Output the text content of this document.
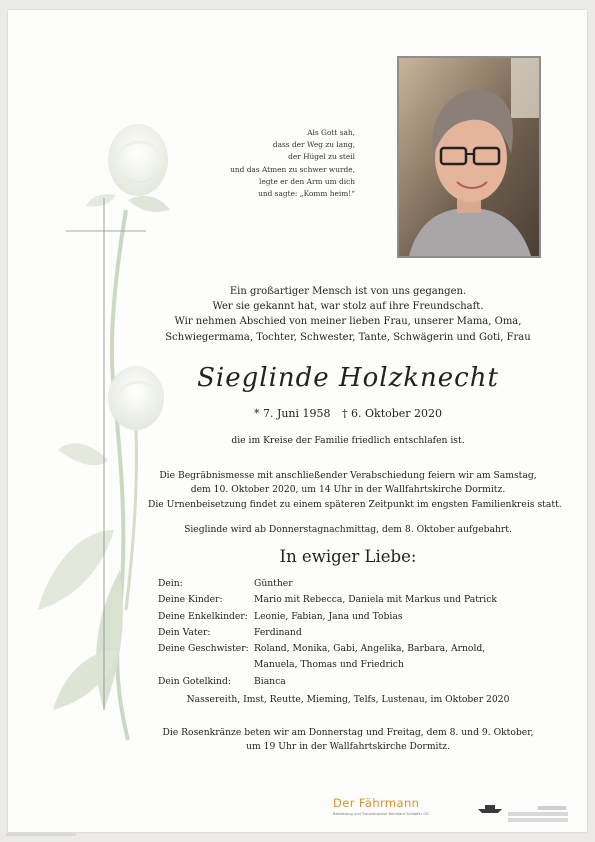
Als Gott sah,
dass der Weg zu lang,
der Hügel zu steil
und das Atmen zu schwer wurde,
legte er den Arm um dich
und sagte: „Komm heim!“
Ein großartiger Mensch ist von uns gegangen.
Wer sie gekannt hat, war stolz auf ihre Freundschaft.
Wir nehmen Abschied von meiner lieben Frau, unserer Mama, Oma,
Schwiegermama, Tochter, Schwester, Tante, Schwägerin und Goti, Frau
Sieglinde Holzknecht
* 7. Juni 1958 † 6. Oktober 2020
die im Kreise der Familie friedlich entschlafen ist.
Die Begräbnismesse mit anschließender Verabschiedung feiern wir am Samstag,
dem 10. Oktober 2020, um 14 Uhr in der Wallfahrtskirche Dormitz.
Die Urnenbeisetzung findet zu einem späteren Zeitpunkt im engsten Familienkreis statt.
Sieglinde wird ab Donnerstagnachmittag, dem 8. Oktober aufgebahrt.
In ewiger Liebe:
Dein:	Günther
Deine Kinder:	Mario mit Rebecca, Daniela mit Markus und Patrick
Deine Enkelkinder: Leonie, Fabian, Jana und Tobias
Dein Vater:	Ferdinand
Deine Geschwister: Roland, Monika, Gabi, Angelika, Barbara, Arnold,
Manuela, Thomas und Friedrich
Dein Gotelkind:	Bianca
Nassereith, Imst, Reutte, Mieming, Telfs, Lustenau, im Oktober 2020
Die Rosenkränze beten wir am Donnerstag und Freitag, dem 8. und 9. Oktober,
um 19 Uhr in der Wallfahrtskirche Dormitz.
Der Fährmann
Bestattung und Trauerimpulse Bernhard Schöpfer OG
